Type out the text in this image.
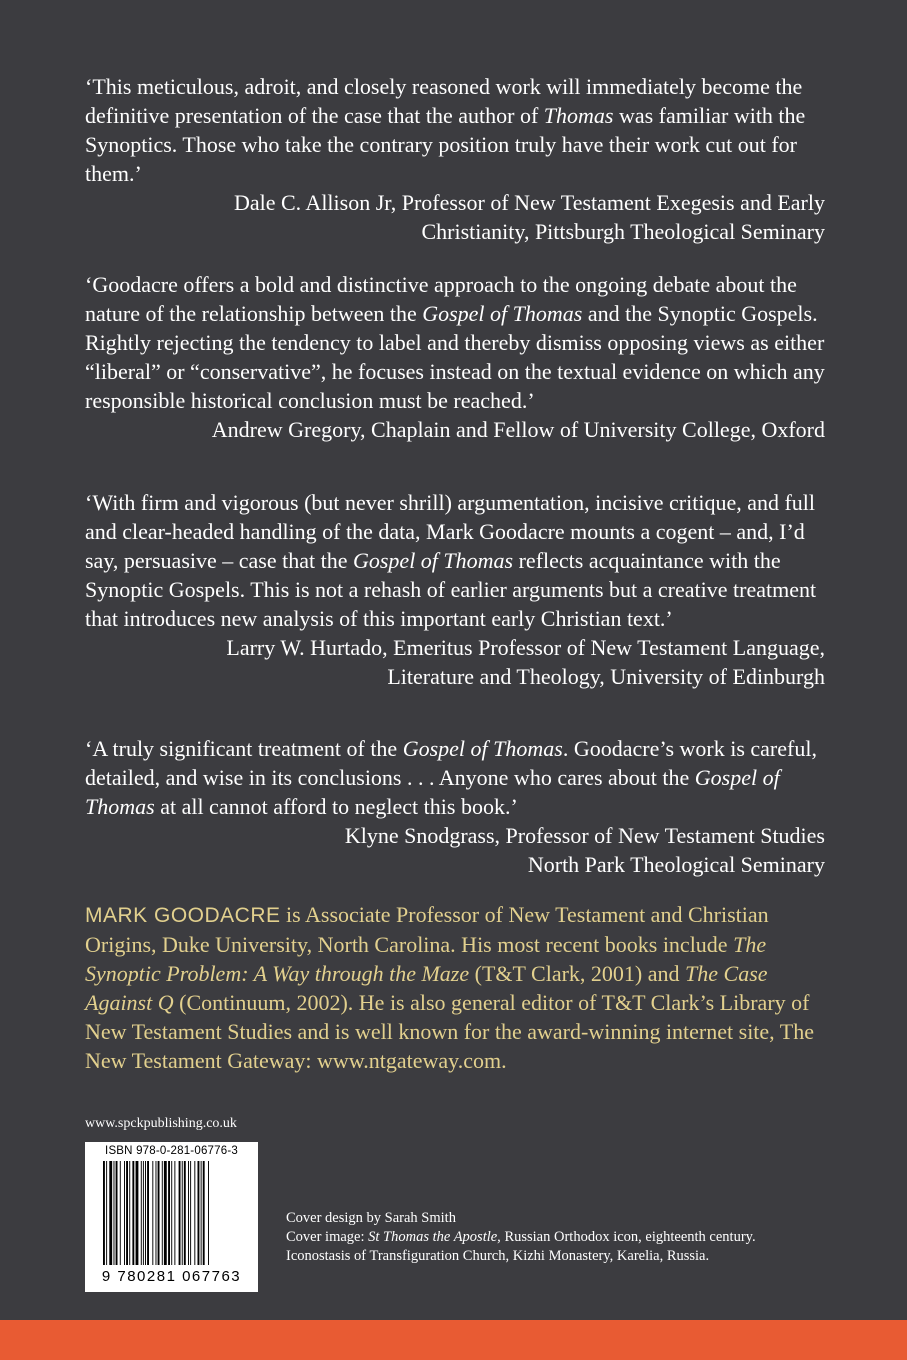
‘This meticulous, adroit, and closely reasoned work will immediately become the definitive presentation of the case that the author of Thomas was familiar with the Synoptics. Those who take the contrary position truly have their work cut out for them.’

Dale C. Allison Jr, Professor of New Testament Exegesis and Early
Christianity, Pittsburgh Theological Seminary

‘Goodacre offers a bold and distinctive approach to the ongoing debate about the nature of the relationship between the Gospel of Thomas and the Synoptic Gospels. Rightly rejecting the tendency to label and thereby dismiss opposing views as either “liberal” or “conservative”, he focuses instead on the textual evidence on which any responsible historical conclusion must be reached.’

Andrew Gregory, Chaplain and Fellow of University College, Oxford

‘With firm and vigorous (but never shrill) argumentation, incisive critique, and full and clear-headed handling of the data, Mark Goodacre mounts a cogent – and, I’d say, persuasive – case that the Gospel of Thomas reflects acquaintance with the Synoptic Gospels. This is not a rehash of earlier arguments but a creative treatment that introduces new analysis of this important early Christian text.’

Larry W. Hurtado, Emeritus Professor of New Testament Language,
Literature and Theology, University of Edinburgh

‘A truly significant treatment of the Gospel of Thomas. Goodacre’s work is careful, detailed, and wise in its conclusions . . . Anyone who cares about the Gospel of Thomas at all cannot afford to neglect this book.’

Klyne Snodgrass, Professor of New Testament Studies
North Park Theological Seminary
MARK GOODACRE is Associate Professor of New Testament and Christian Origins, Duke University, North Carolina. His most recent books include The Synoptic Problem: A Way through the Maze (T&T Clark, 2001) and The Case Against Q (Continuum, 2002). He is also general editor of T&T Clark’s Library of New Testament Studies and is well known for the award-winning internet site, The New Testament Gateway: www.ntgateway.com.
www.spckpublishing.co.uk
ISBN 978-0-281-06776-3
9 780281 067763

Cover design by Sarah Smith

Cover image: St Thomas the Apostle, Russian Orthodox icon, eighteenth century. Iconostasis of Transfiguration Church, Kizhi Monastery, Karelia, Russia.
